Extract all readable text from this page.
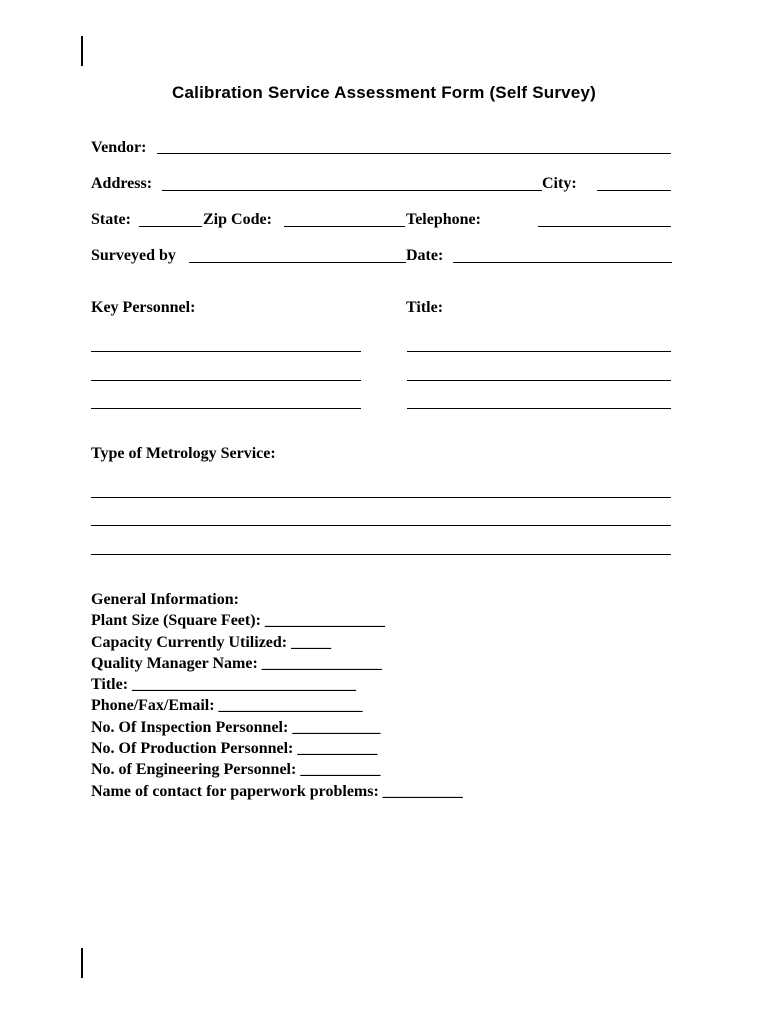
Calibration Service Assessment Form (Self Survey)
Vendor:
Address:	City:
State:	Zip Code:	Telephone:
Surveyed by	Date:
Key Personnel:	Title:
Type of Metrology Service:
General Information:
Plant Size (Square Feet): _______________
Capacity Currently Utilized: _____
Quality Manager Name: _______________
Title: ____________________________
Phone/Fax/Email: __________________
No. Of Inspection Personnel: ___________
No. Of Production Personnel: __________
No. of Engineering Personnel: __________
Name of contact for paperwork problems: __________
